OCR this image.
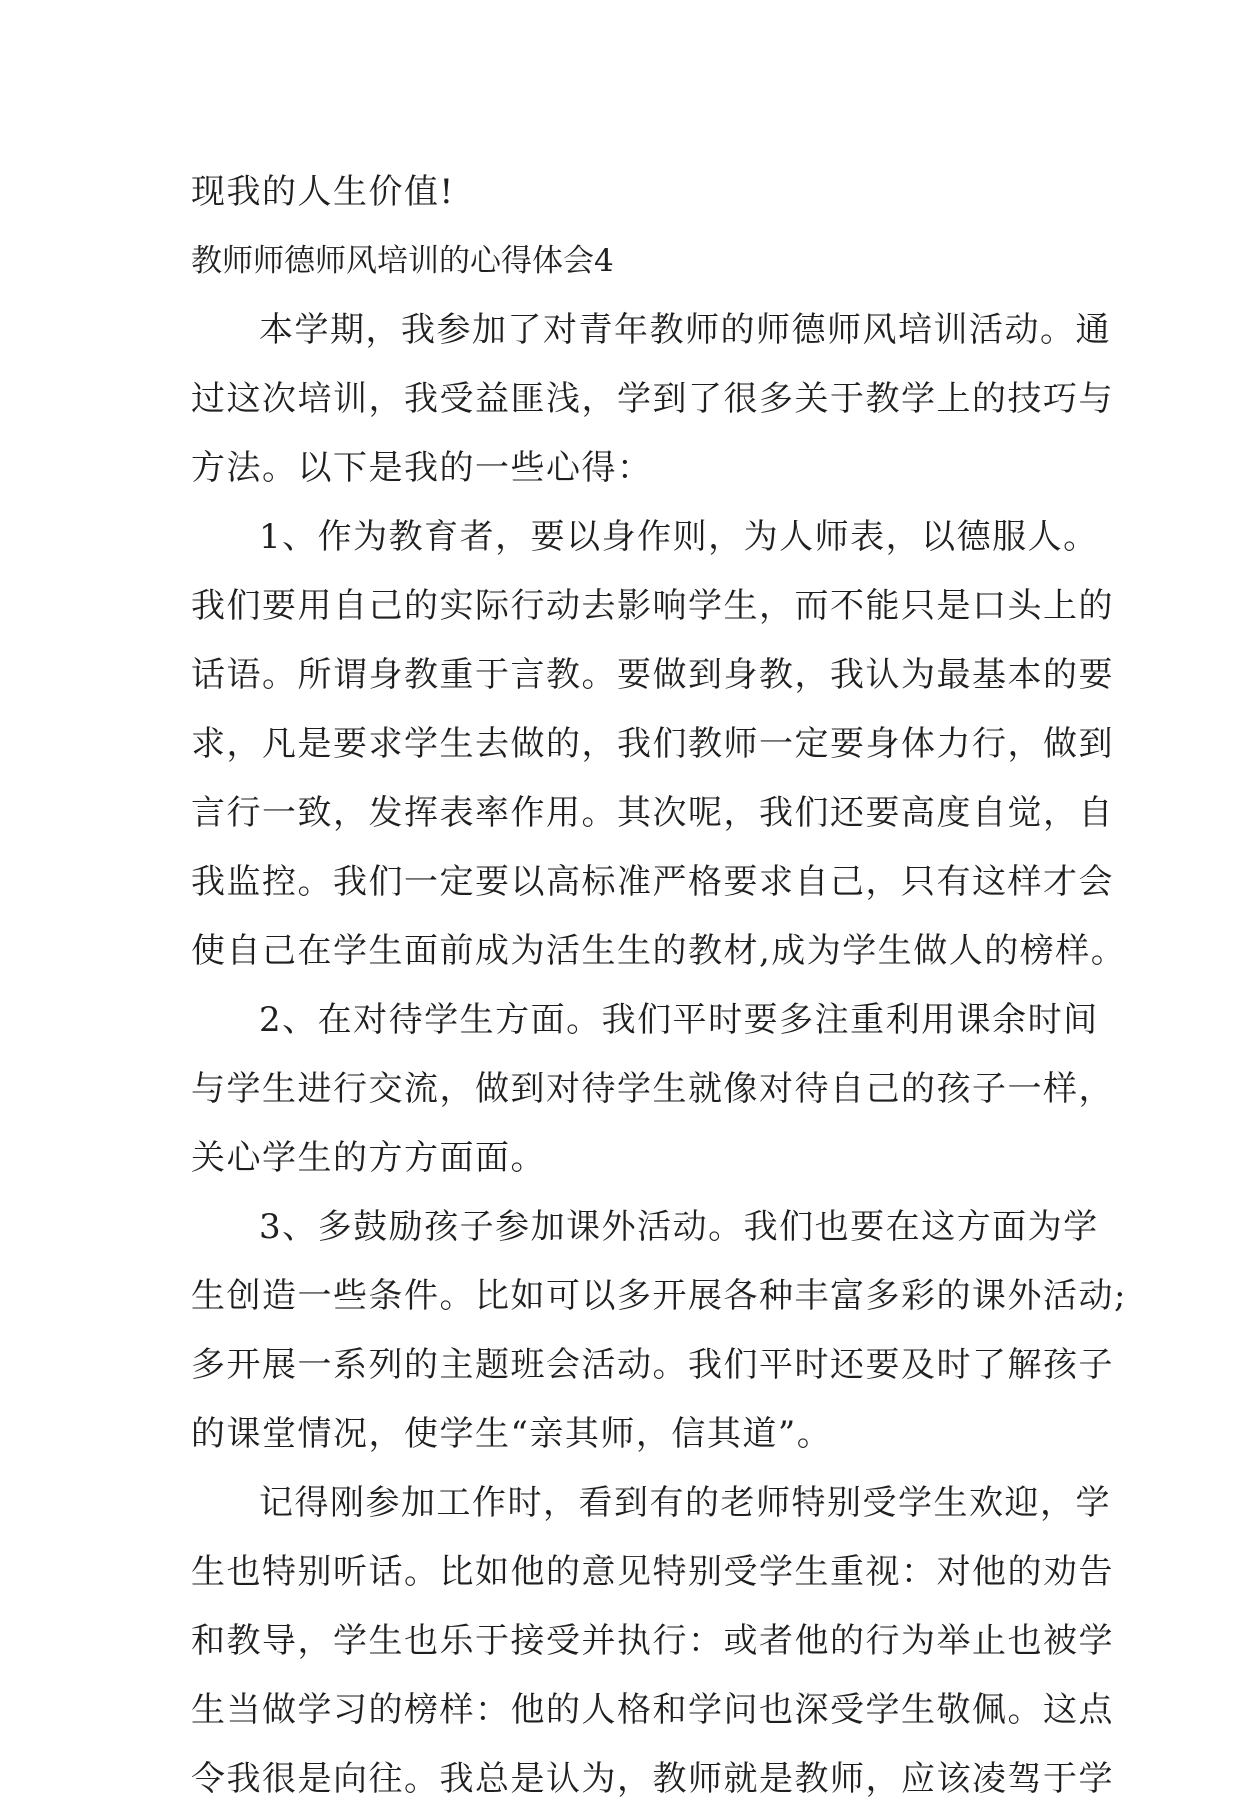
现我的人生价值!
教师师德师风培训的心得体会4
本学期，我参加了对青年教师的师德师风培训活动。通
过这次培训，我受益匪浅，学到了很多关于教学上的技巧与
方法。以下是我的一些心得：
1、作为教育者，要以身作则，为人师表，以德服人。
我们要用自己的实际行动去影响学生，而不能只是口头上的
话语。所谓身教重于言教。要做到身教，我认为最基本的要
求，凡是要求学生去做的，我们教师一定要身体力行，做到
言行一致，发挥表率作用。其次呢，我们还要高度自觉，自
我监控。我们一定要以高标准严格要求自己，只有这样才会
使自己在学生面前成为活生生的教材,成为学生做人的榜样。
2、在对待学生方面。我们平时要多注重利用课余时间
与学生进行交流，做到对待学生就像对待自己的孩子一样，
关心学生的方方面面。
3、多鼓励孩子参加课外活动。我们也要在这方面为学
生创造一些条件。比如可以多开展各种丰富多彩的课外活动;
多开展一系列的主题班会活动。我们平时还要及时了解孩子
的课堂情况，使学生“亲其师，信其道”。
记得刚参加工作时，看到有的老师特别受学生欢迎，学
生也特别听话。比如他的意见特别受学生重视：对他的劝告
和教导，学生也乐于接受并执行：或者他的行为举止也被学
生当做学习的榜样：他的人格和学问也深受学生敬佩。这点
令我很是向往。我总是认为，教师就是教师，应该凌驾于学
